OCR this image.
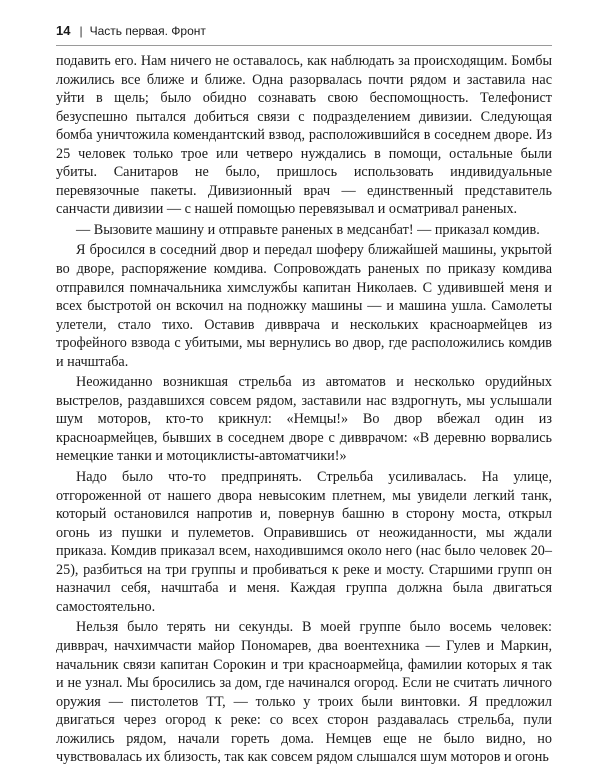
14 | Часть первая. Фронт

подавить его. Нам ничего не оставалось, как наблюдать за происходящим. Бомбы ложились все ближе и ближе. Одна разорвалась почти рядом и заставила нас уйти в щель; было обидно сознавать свою беспомощность. Телефонист безуспешно пытался добиться связи с подразделением дивизии. Следующая бомба уничтожила комендантский взвод, расположившийся в соседнем дворе. Из 25 человек только трое или четверо нуждались в помощи, остальные были убиты. Санитаров не было, пришлось использовать индивидуальные перевязочные пакеты. Дивизионный врач — единственный представитель санчасти дивизии — с нашей помощью перевязывал и осматривал раненых.

— Вызовите машину и отправьте раненых в медсанбат! — приказал комдив.

Я бросился в соседний двор и передал шоферу ближайшей машины, укрытой во дворе, распоряжение комдива. Сопровождать раненых по приказу комдива отправился помначальника химслужбы капитан Николаев. С удивившей меня и всех быстротой он вскочил на подножку машины — и машина ушла. Самолеты улетели, стало тихо. Оставив дивврача и нескольких красноармейцев из трофейного взвода с убитыми, мы вернулись во двор, где расположились комдив и начштаба.

Неожиданно возникшая стрельба из автоматов и несколько орудийных выстрелов, раздавшихся совсем рядом, заставили нас вздрогнуть, мы услышали шум моторов, кто-то крикнул: «Немцы!» Во двор вбежал один из красноармейцев, бывших в соседнем дворе с дивврачом: «В деревню ворвались немецкие танки и мотоциклисты-автоматчики!»

Надо было что-то предпринять. Стрельба усиливалась. На улице, отгороженной от нашего двора невысоким плетнем, мы увидели легкий танк, который остановился напротив и, повернув башню в сторону моста, открыл огонь из пушки и пулеметов. Оправившись от неожиданности, мы ждали приказа. Комдив приказал всем, находившимся около него (нас было человек 20–25), разбиться на три группы и пробиваться к реке и мосту. Старшими групп он назначил себя, начштаба и меня. Каждая группа должна была двигаться самостоятельно.

Нельзя было терять ни секунды. В моей группе было восемь человек: дивврач, начхимчасти майор Пономарев, два воентехника — Гулев и Маркин, начальник связи капитан Сорокин и три красноармейца, фамилии которых я так и не узнал. Мы бросились за дом, где начинался огород. Если не считать личного оружия — пистолетов ТТ, — только у троих были винтовки. Я предложил двигаться через огород к реке: со всех сторон раздавалась стрельба, пули ложились рядом, начали гореть дома. Немцев еще не было видно, но чувствовалась их близость, так как совсем рядом слышался шум моторов и огонь
